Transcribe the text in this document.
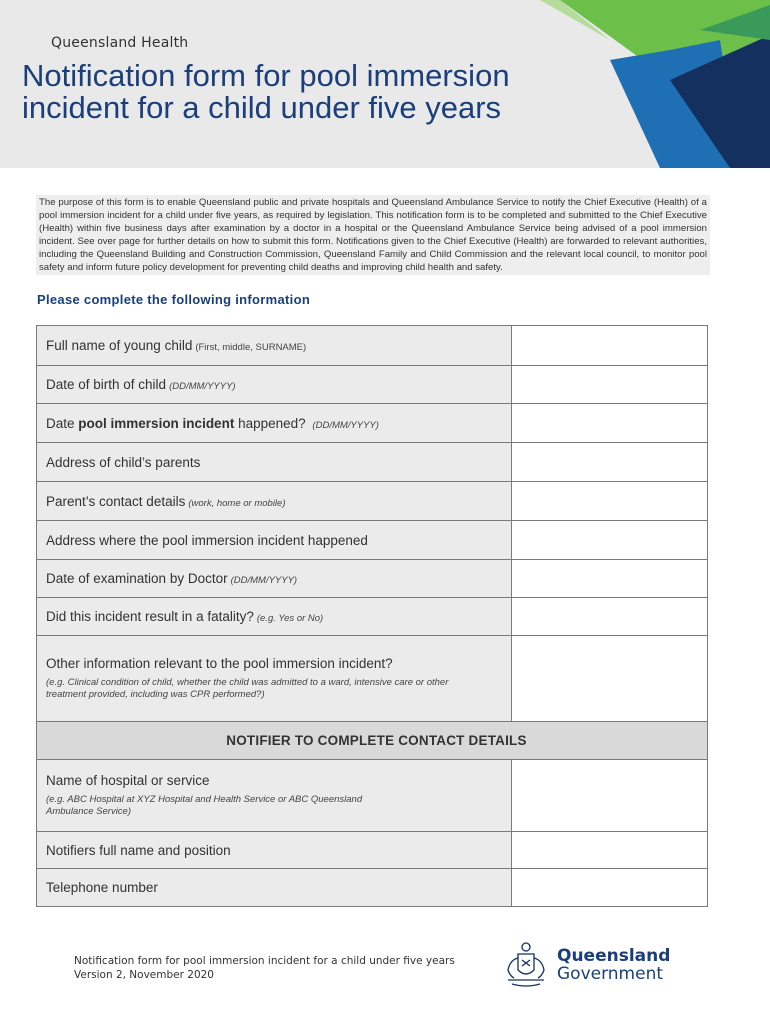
Queensland Health
Notification form for pool immersion incident for a child under five years
The purpose of this form is to enable Queensland public and private hospitals and Queensland Ambulance Service to notify the Chief Executive (Health) of a pool immersion incident for a child under five years, as required by legislation. This notification form is to be completed and submitted to the Chief Executive (Health) within five business days after examination by a doctor in a hospital or the Queensland Ambulance Service being advised of a pool immersion incident. See over page for further details on how to submit this form. Notifications given to the Chief Executive (Health) are forwarded to relevant authorities, including the Queensland Building and Construction Commission, Queensland Family and Child Commission and the relevant local council, to monitor pool safety and inform future policy development for preventing child deaths and improving child health and safety.
Please complete the following information
Full name of young child (First, middle, SURNAME)	
Date of birth of child (DD/MM/YYYY)	
Date pool immersion incident happened? (DD/MM/YYYY)	
Address of child’s parents	
Parent’s contact details (work, home or mobile)	
Address where the pool immersion incident happened	
Date of examination by Doctor (DD/MM/YYYY)	
Did this incident result in a fatality? (e.g. Yes or No)	
Other information relevant to the pool immersion incident?
(e.g. Clinical condition of child, whether the child was admitted to a ward, intensive care or other treatment provided, including was CPR performed?)	

NOTIFIER TO COMPLETE CONTACT DETAILS	
Name of hospital or service
(e.g. ABC Hospital at XYZ Hospital and Health Service or ABC Queensland Ambulance Service)	

Notifiers full name and position	
Telephone number	
Notification form for pool immersion incident for a child under five years
Version 2, November 2020
Queensland
Government
